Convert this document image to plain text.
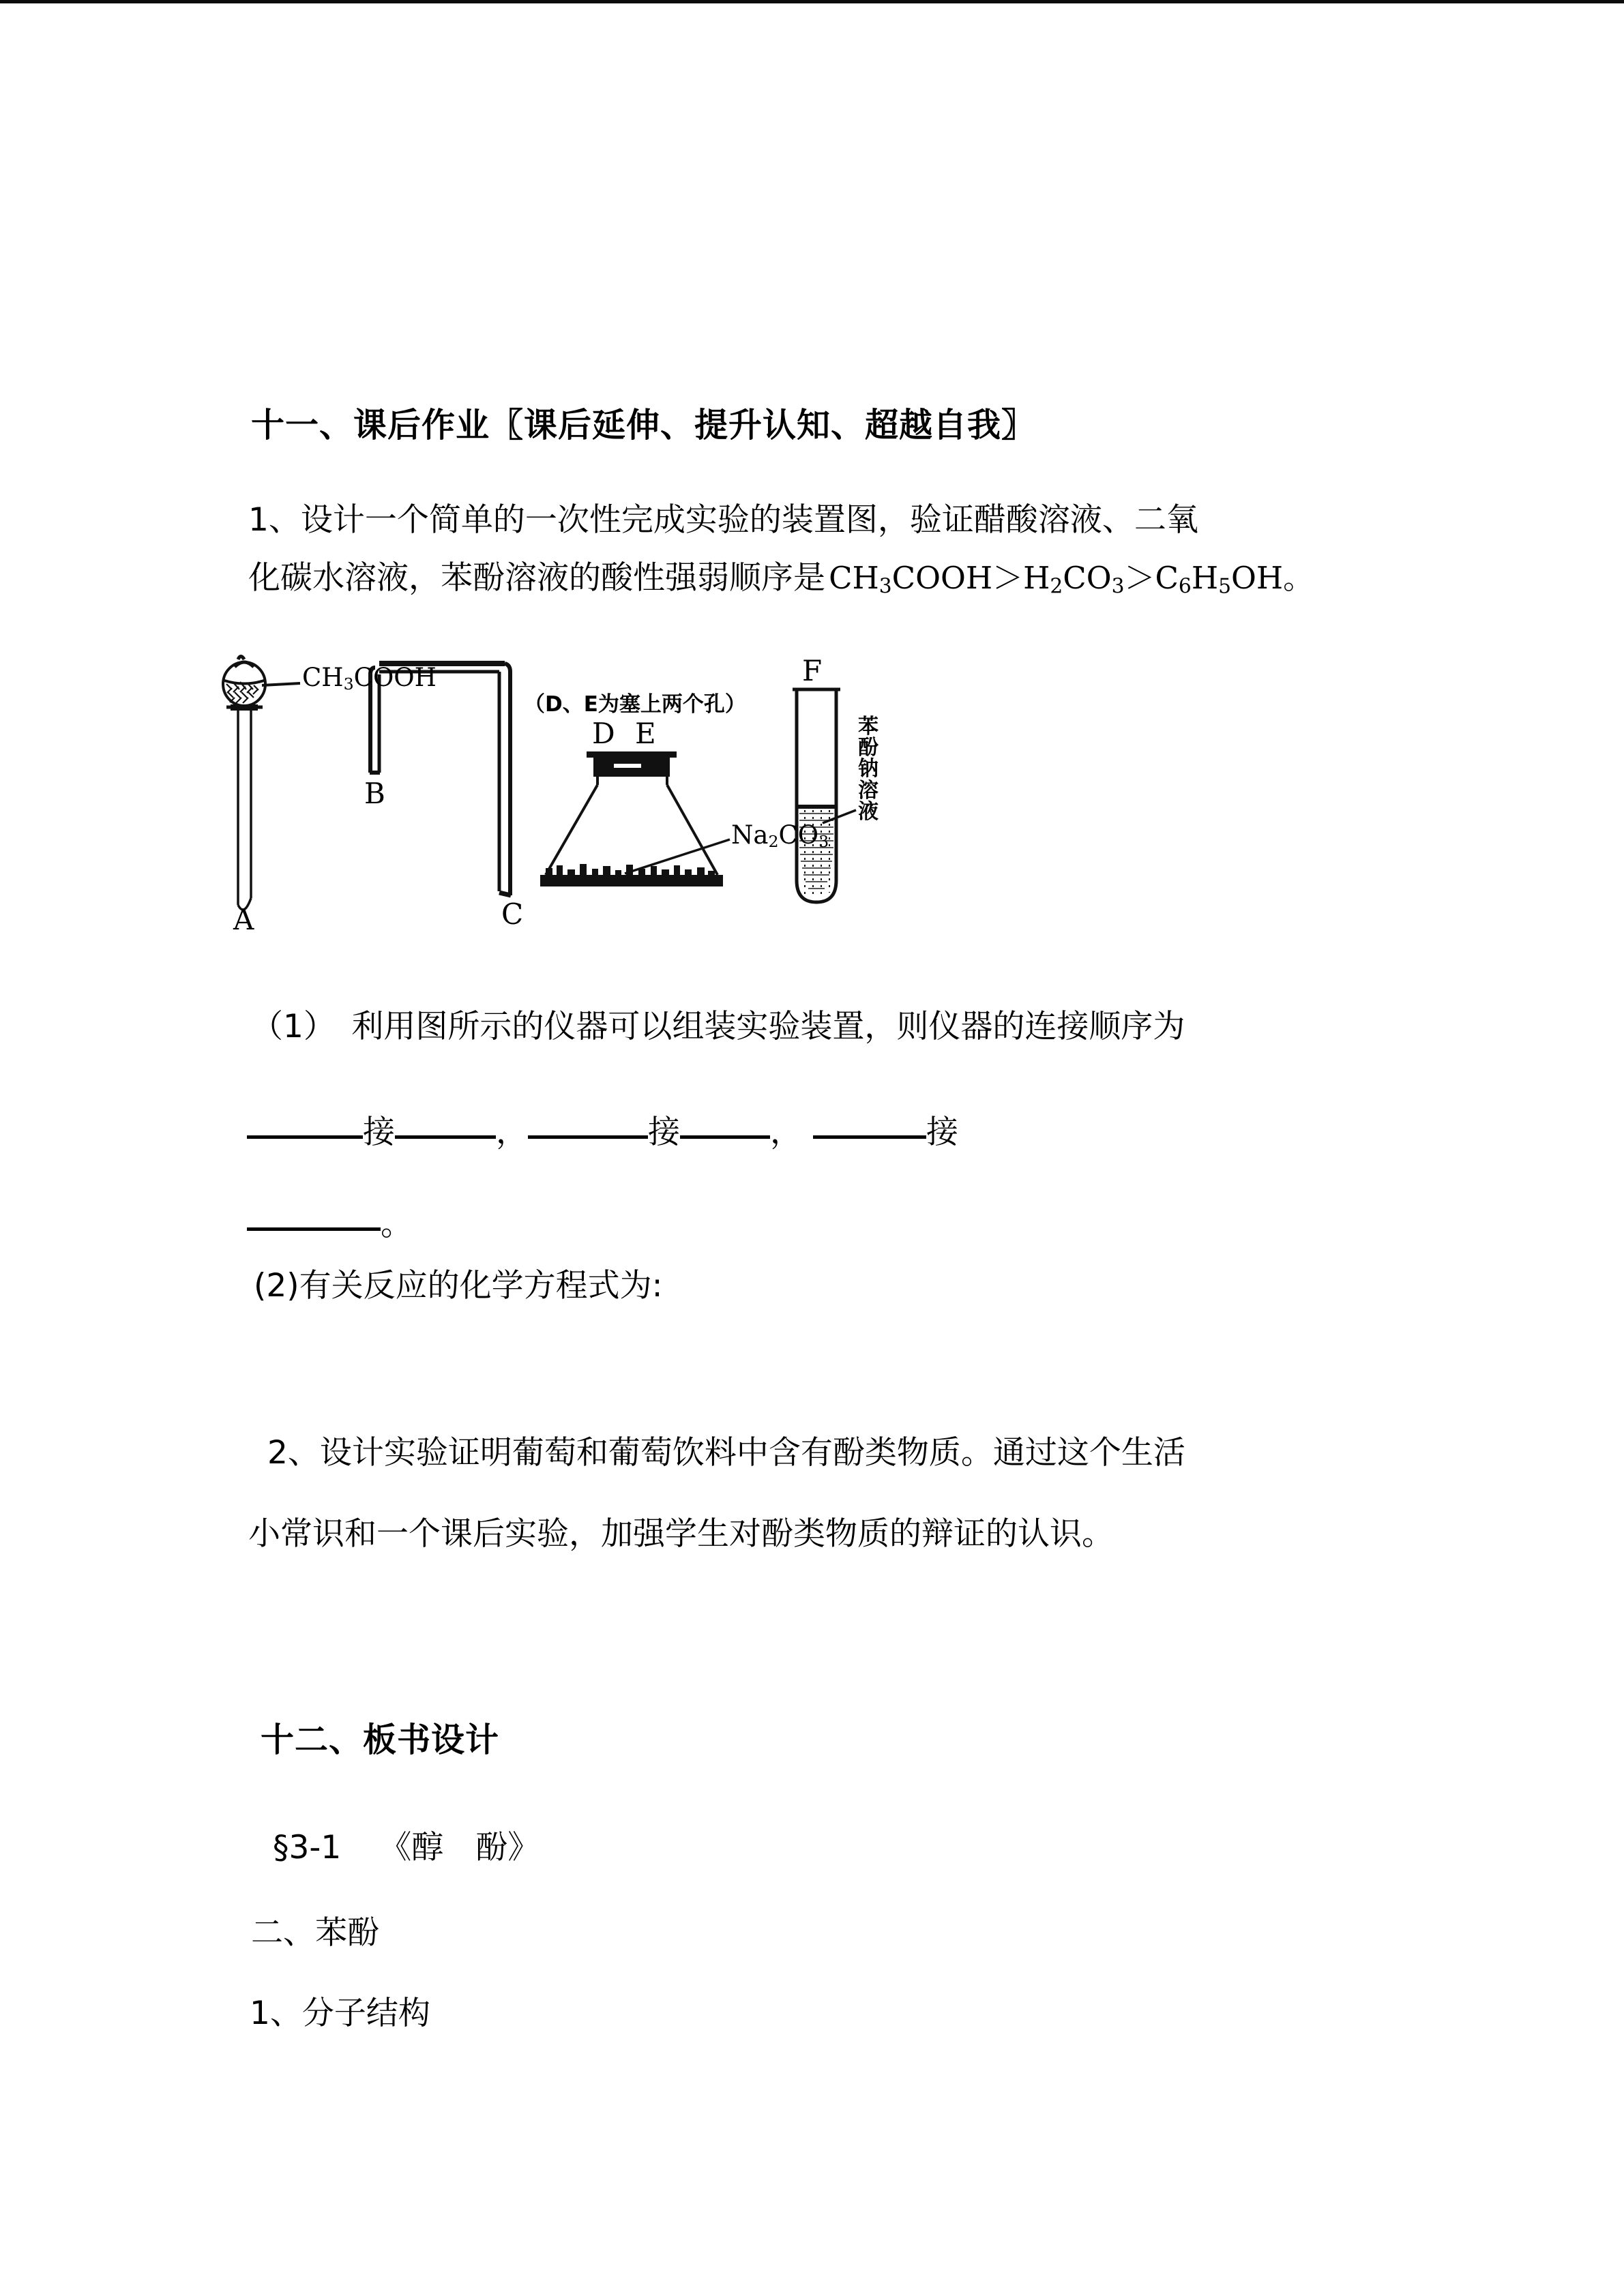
十一、课后作业〖课后延伸、提升认知、超越自我〗
1、设计一个简单的一次性完成实验的装置图，验证醋酸溶液、二氧
化碳水溶液，苯酚溶液的酸性强弱顺序是 $CH_3COOH>H_2CO_3>C_6H_5OH$。
A
$CH_3COOH$
B
C
（D、E为塞上两个孔）
D E
$Na_2CO_3$
F
苯酚钠溶液
（1）　利用图所示的仪器可以组装实验装置，则仪器的连接顺序为
接	，	接	，	接
。
(2)有关反应的化学方程式为:
2、设计实验证明葡萄和葡萄饮料中含有酚类物质。通过这个生活
小常识和一个课后实验，加强学生对酚类物质的辩证的认识。
十二、板书设计
§3-1 《醇　酚》
二、苯酚
1、分子结构
